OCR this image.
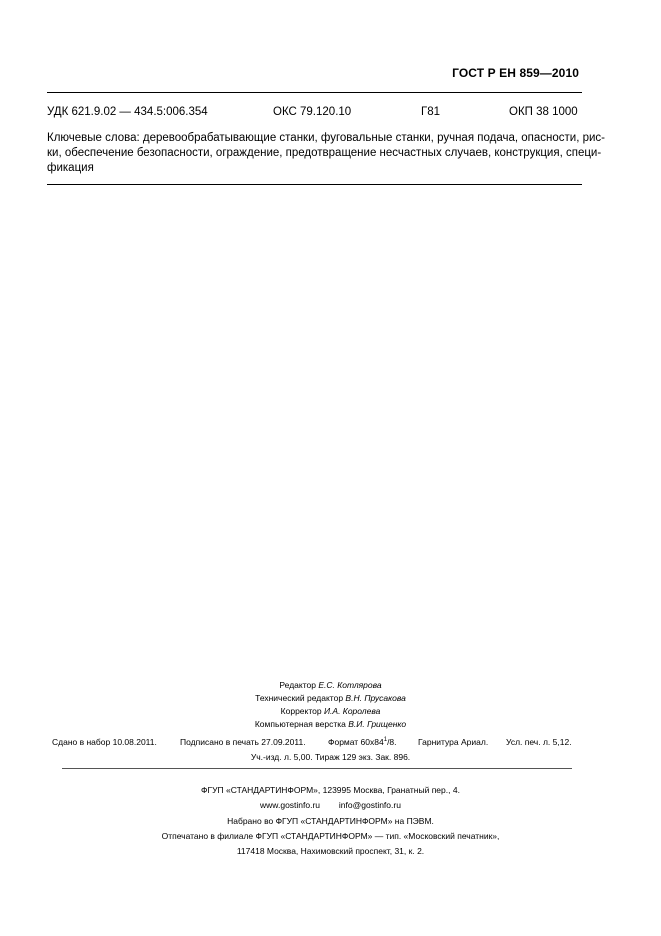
ГОСТ Р ЕН 859—2010
УДК 621.9.02 — 434.5:006.354	ОКС 79.120.10	Г81	ОКП 38 1000
Ключевые слова: деревообрабатывающие станки, фуговальные станки, ручная подача, опасности, рис-
ки, обеспечение безопасности, ограждение, предотвращение несчастных случаев, конструкция, специ-
фикация
Редактор Е.С. Котлярова
Технический редактор В.Н. Прусакова
Корректор И.А. Королева
Компьютерная верстка В.И. Грищенко
Сдано в набор 10.08.2011.	Подписано в печать 27.09.2011.	Формат $60х84^1/8$.	Гарнитура Ариал. Усл. печ. л. 5,12.
Уч.-изд. л. 5,00. Тираж 129 экз. Зак. 896.
ФГУП «СТАНДАРТИНФОРМ», 123995 Москва, Гранатный пер., 4.
www.gostinfo.ru        info@gostinfo.ru
Набрано во ФГУП «СТАНДАРТИНФОРМ» на ПЭВМ.
Отпечатано в филиале ФГУП «СТАНДАРТИНФОРМ» — тип. «Московский печатник»,
117418 Москва, Нахимовский проспект, 31, к. 2.
